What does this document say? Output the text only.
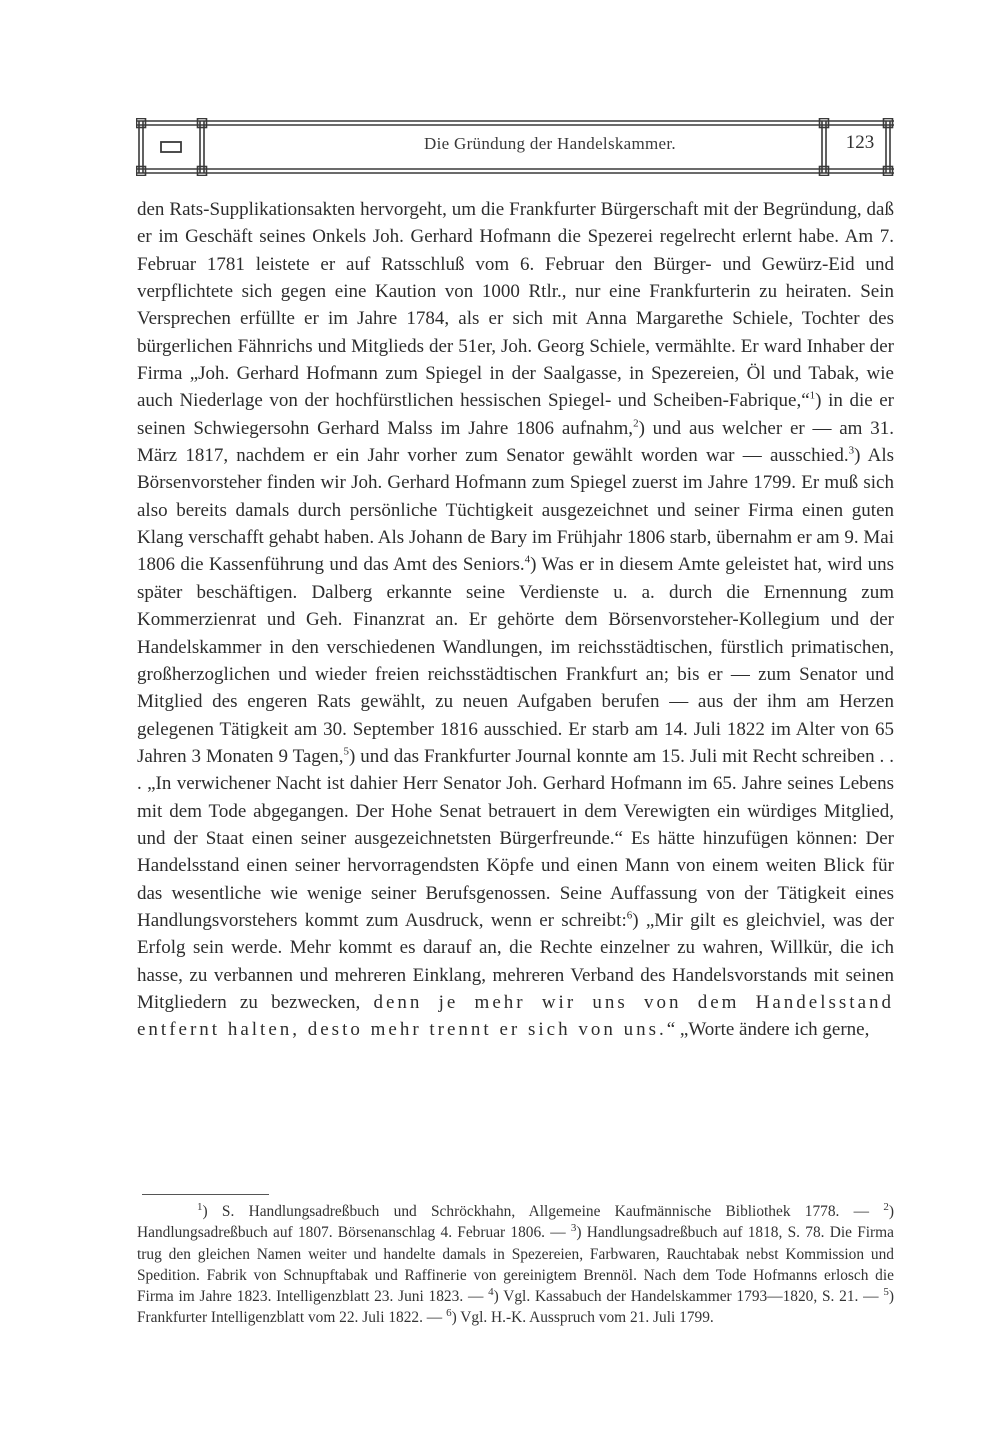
Die Gründung der Handelskammer.	123

den Rats-Supplikationsakten hervorgeht, um die Frankfurter Bürgerschaft mit der Begründung, daß er im Geschäft seines Onkels Joh. Gerhard Hofmann die Spezerei regelrecht erlernt habe. Am 7. Februar 1781 leistete er auf Ratsschluß vom 6. Februar den Bürger- und Gewürz-Eid und verpflichtete sich gegen eine Kaution von 1000 Rtlr., nur eine Frankfurterin zu heiraten. Sein Versprechen erfüllte er im Jahre 1784, als er sich mit Anna Margarethe Schiele, Tochter des bürgerlichen Fähnrichs und Mitglieds der 51er, Joh. Georg Schiele, vermählte. Er ward Inhaber der Firma „Joh. Gerhard Hofmann zum Spiegel in der Saalgasse, in Spezereien, Öl und Tabak, wie auch Niederlage von der hochfürstlichen hessischen Spiegel- und Scheiben-Fabrique,“$^1$) in die er seinen Schwiegersohn Gerhard Malss im Jahre 1806 aufnahm,$^2$) und aus welcher er — am 31. März 1817, nachdem er ein Jahr vorher zum Senator gewählt worden war — ausschied.$^3$) Als Börsenvorsteher finden wir Joh. Gerhard Hofmann zum Spiegel zuerst im Jahre 1799. Er muß sich also bereits damals durch persönliche Tüchtigkeit ausgezeichnet und seiner Firma einen guten Klang verschafft gehabt haben. Als Johann de Bary im Frühjahr 1806 starb, übernahm er am 9. Mai 1806 die Kassenführung und das Amt des Seniors.$^4$) Was er in diesem Amte geleistet hat, wird uns später beschäftigen. Dalberg erkannte seine Verdienste u. a. durch die Ernennung zum Kommerzienrat und Geh. Finanzrat an. Er gehörte dem Börsenvorsteher-Kollegium und der Handelskammer in den verschiedenen Wandlungen, im reichsstädtischen, fürstlich primatischen, großherzoglichen und wieder freien reichsstädtischen Frankfurt an; bis er — zum Senator und Mitglied des engeren Rats gewählt, zu neuen Aufgaben berufen — aus der ihm am Herzen gelegenen Tätigkeit am 30. September 1816 ausschied. Er starb am 14. Juli 1822 im Alter von 65 Jahren 3 Monaten 9 Tagen,$^5$) und das Frankfurter Journal konnte am 15. Juli mit Recht schreiben . . . „In verwichener Nacht ist dahier Herr Senator Joh. Gerhard Hofmann im 65. Jahre seines Lebens mit dem Tode abgegangen. Der Hohe Senat betrauert in dem Verewigten ein würdiges Mitglied, und der Staat einen seiner ausgezeichnetsten Bürgerfreunde.“ Es hätte hinzufügen können: Der Handelsstand einen seiner hervorragendsten Köpfe und einen Mann von einem weiten Blick für das wesentliche wie wenige seiner Berufsgenossen. Seine Auffassung von der Tätigkeit eines Handlungsvorstehers kommt zum Ausdruck, wenn er schreibt:$^6$) „Mir gilt es gleichviel, was der Erfolg sein werde. Mehr kommt es darauf an, die Rechte einzelner zu wahren, Willkür, die ich hasse, zu verbannen und mehreren Einklang, mehreren Verband des Handelsvorstands mit seinen Mitgliedern zu bezwecken, denn je mehr wir uns von dem Handelsstand entfernt halten, desto mehr trennt er sich von uns.“ „Worte ändere ich gerne,

$^1$) S. Handlungsadreßbuch und Schröckhahn, Allgemeine Kaufmännische Bibliothek 1778. — $^2$) Handlungsadreßbuch auf 1807. Börsenanschlag 4. Februar 1806. — $^3$) Handlungsadreßbuch auf 1818, S. 78. Die Firma trug den gleichen Namen weiter und handelte damals in Spezereien, Farbwaren, Rauchtabak nebst Kommission und Spedition. Fabrik von Schnupftabak und Raffinerie von gereinigtem Brennöl. Nach dem Tode Hofmanns erlosch die Firma im Jahre 1823. Intelligenzblatt 23. Juni 1823. — $^4$) Vgl. Kassabuch der Handelskammer 1793—1820, S. 21. — $^5$) Frankfurter Intelligenzblatt vom 22. Juli 1822. — $^6$) Vgl. H.-K. Ausspruch vom 21. Juli 1799.
